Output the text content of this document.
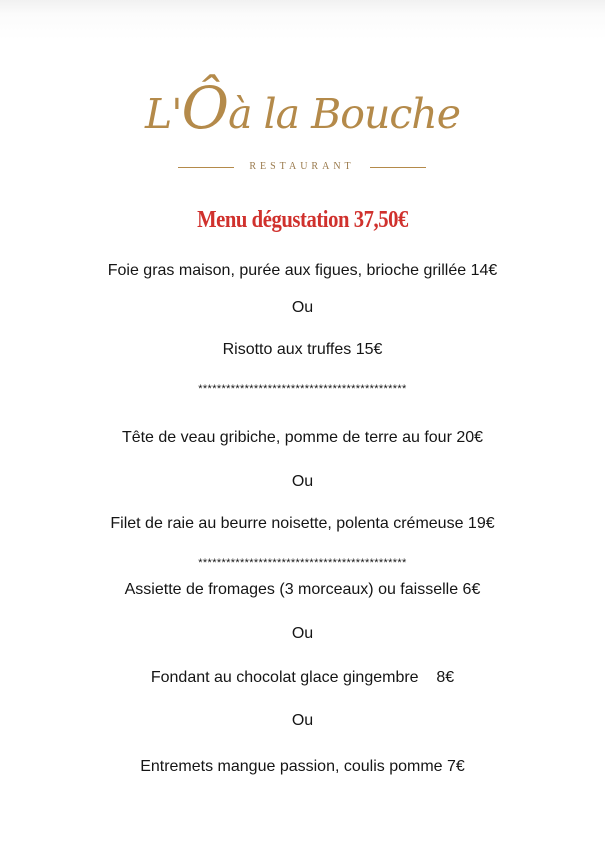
L'Ôà la Bouche
RESTAURANT
Menu dégustation 37,50€
Foie gras maison, purée aux figues, brioche grillée 14€
Ou
Risotto aux truffes 15€
*********************************************
Tête de veau gribiche, pomme de terre au four 20€
Ou
Filet de raie au beurre noisette, polenta crémeuse 19€
*********************************************
Assiette de fromages (3 morceaux) ou faisselle 6€
Ou
Fondant au chocolat glace gingembre    8€
Ou
Entremets mangue passion, coulis pomme 7€
